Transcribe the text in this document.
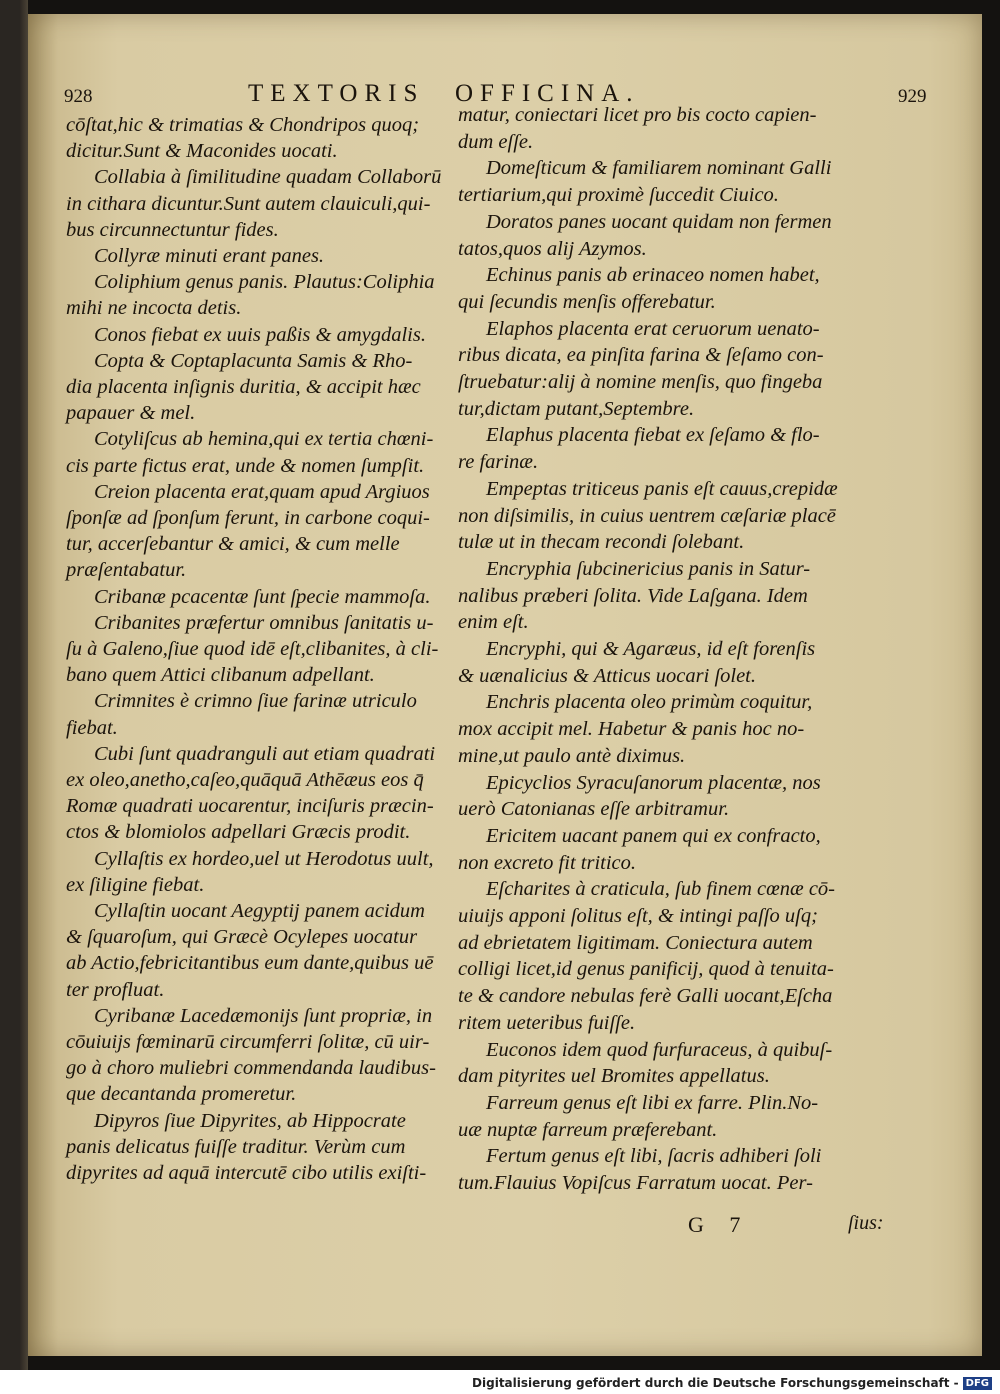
928	TEXTORIS OFFICINA.	929
cōſtat,hic & trimatias & Chondripos quoq;
dicitur.Sunt & Maconides uocati.
Collabia à ſimilitudine quadam Collaborū
in cithara dicuntur.Sunt autem clauiculi,qui-
bus circunnectuntur fides.
Collyræ minuti erant panes.
Coliphium genus panis. Plautus:Coliphia
mihi ne incocta detis.
Conos fiebat ex uuis paßis & amygdalis.
Copta & Coptaplacunta Samis & Rho-
dia placenta inſignis duritia, & accipit hæc
papauer & mel.
Cotyliſcus ab hemina,qui ex tertia chœni-
cis parte fictus erat, unde & nomen ſumpſit.
Creion placenta erat,quam apud Argiuos
ſponſæ ad ſponſum ferunt, in carbone coqui-
tur, accerſebantur & amici, & cum melle
præſentabatur.
Cribanæ pcacentæ ſunt ſpecie mammoſa.
Cribanites præfertur omnibus ſanitatis u-
ſu à Galeno,ſiue quod idē eſt,clibanites, à cli-
bano quem Attici clibanum adpellant.
Crimnites è crimno ſiue farinæ utriculo
fiebat.
Cubi ſunt quadranguli aut etiam quadrati
ex oleo,anetho,caſeo,quāquā Athēæus eos q̄
Romæ quadrati uocarentur, inciſuris præcin-
ctos & blomiolos adpellari Græcis prodit.
Cyllaſtis ex hordeo,uel ut Herodotus uult,
ex ſiligine fiebat.
Cyllaſtin uocant Aegyptij panem acidum
& ſquaroſum, qui Græcè Ocylepes uocatur
ab Actio,febricitantibus eum dante,quibus uē
ter profluat.
Cyribanæ Lacedæmonijs ſunt propriæ, in
cōuiuijs fœminarū circumferri ſolitæ, cū uir-
go à choro muliebri commendanda laudibus-
que decantanda promeretur.
Dipyros ſiue Dipyrites, ab Hippocrate
panis delicatus fuiſſe traditur. Verùm cum
dipyrites ad aquā intercutē cibo utilis exiſti-
matur, coniectari licet pro bis cocto capien-
dum eſſe.
Domeſticum & familiarem nominant Galli
tertiarium,qui proximè ſuccedit Ciuico.
Doratos panes uocant quidam non fermen
tatos,quos alij Azymos.
Echinus panis ab erinaceo nomen habet,
qui ſecundis menſis offerebatur.
Elaphos placenta erat ceruorum uenato-
ribus dicata, ea pinſita farina & ſeſamo con-
ſtruebatur:alij à nomine menſis, quo fingeba
tur,dictam putant,Septembre.
Elaphus placenta fiebat ex ſeſamo & flo-
re farinæ.
Empeptas triticeus panis eſt cauus,crepidæ
non diſsimilis, in cuius uentrem cæſariæ placē
tulæ ut in thecam recondi ſolebant.
Encryphia ſubcinericius panis in Satur-
nalibus præberi ſolita. Vide Laſgana. Idem
enim eſt.
Encryphi, qui & Agaræus, id eſt forenſis
& uænalicius & Atticus uocari ſolet.
Enchris placenta oleo primùm coquitur,
mox accipit mel. Habetur & panis hoc no-
mine,ut paulo antè diximus.
Epicyclios Syracuſanorum placentæ, nos
uerò Catonianas eſſe arbitramur.
Ericitem uacant panem qui ex confracto,
non excreto fit tritico.
Eſcharites à craticula, ſub finem cœnæ cō-
uiuijs apponi ſolitus eſt, & intingi paſſo uſq;
ad ebrietatem ligitimam. Coniectura autem
colligi licet,id genus panificij, quod à tenuita-
te & candore nebulas ferè Galli uocant,Eſcha
ritem ueteribus fuiſſe.
Euconos idem quod furfuraceus, à quibuſ-
dam pityrites uel Bromites appellatus.
Farreum genus eſt libi ex farre. Plin.No-
uæ nuptæ farreum præferebant.
Fertum genus eſt libi, ſacris adhiberi ſoli
tum.Flauius Vopiſcus Farratum uocat. Per-
G 7	ſius:
Digitalisierung gefördert durch die Deutsche Forschungsgemeinschaft - DFG
